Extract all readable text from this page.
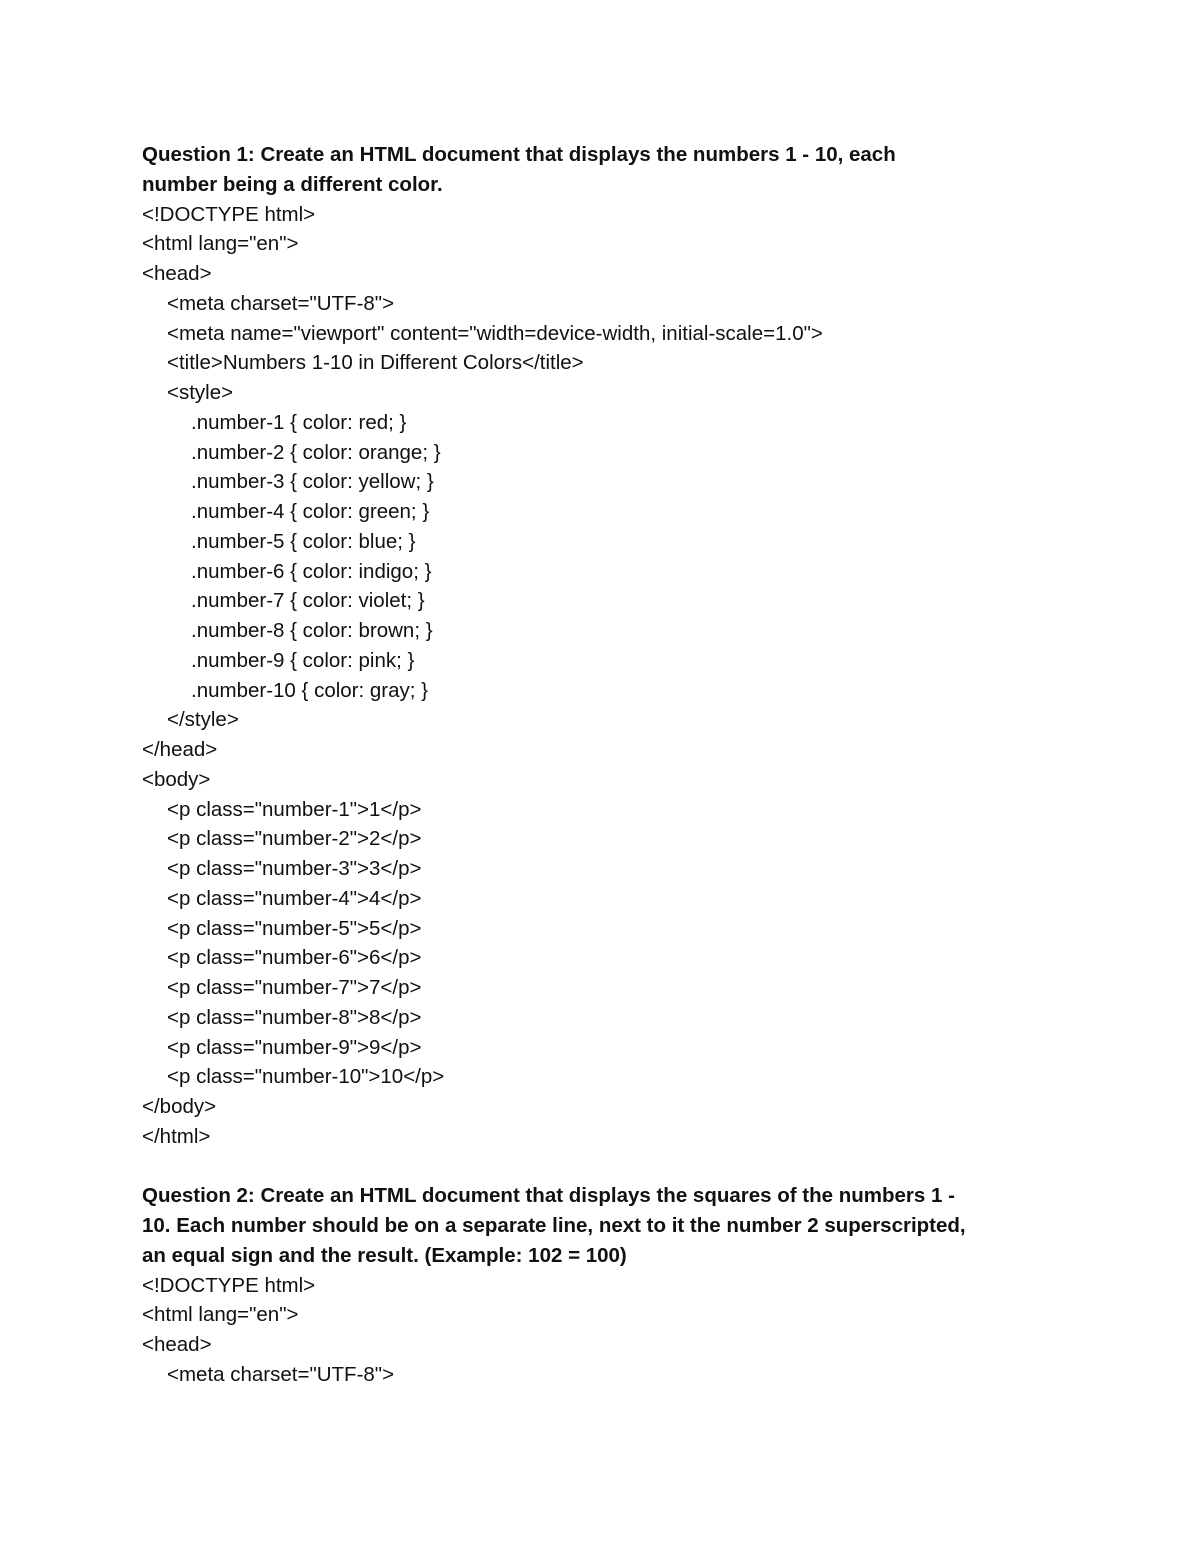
Question 1: Create an HTML document that displays the numbers 1 - 10, each
number being a different color.
<!DOCTYPE html>
<html lang="en">
<head>
<meta charset="UTF-8">
<meta name="viewport" content="width=device-width, initial-scale=1.0">
<title>Numbers 1-10 in Different Colors</title>
<style>
.number-1 { color: red; }
.number-2 { color: orange; }
.number-3 { color: yellow; }
.number-4 { color: green; }
.number-5 { color: blue; }
.number-6 { color: indigo; }
.number-7 { color: violet; }
.number-8 { color: brown; }
.number-9 { color: pink; }
.number-10 { color: gray; }
</style>
</head>
<body>
<p class="number-1">1</p>
<p class="number-2">2</p>
<p class="number-3">3</p>
<p class="number-4">4</p>
<p class="number-5">5</p>
<p class="number-6">6</p>
<p class="number-7">7</p>
<p class="number-8">8</p>
<p class="number-9">9</p>
<p class="number-10">10</p>
</body>
</html>
Question 2: Create an HTML document that displays the squares of the numbers 1 -
10. Each number should be on a separate line, next to it the number 2 superscripted,
an equal sign and the result. (Example: 102 = 100)
<!DOCTYPE html>
<html lang="en">
<head>
<meta charset="UTF-8">
